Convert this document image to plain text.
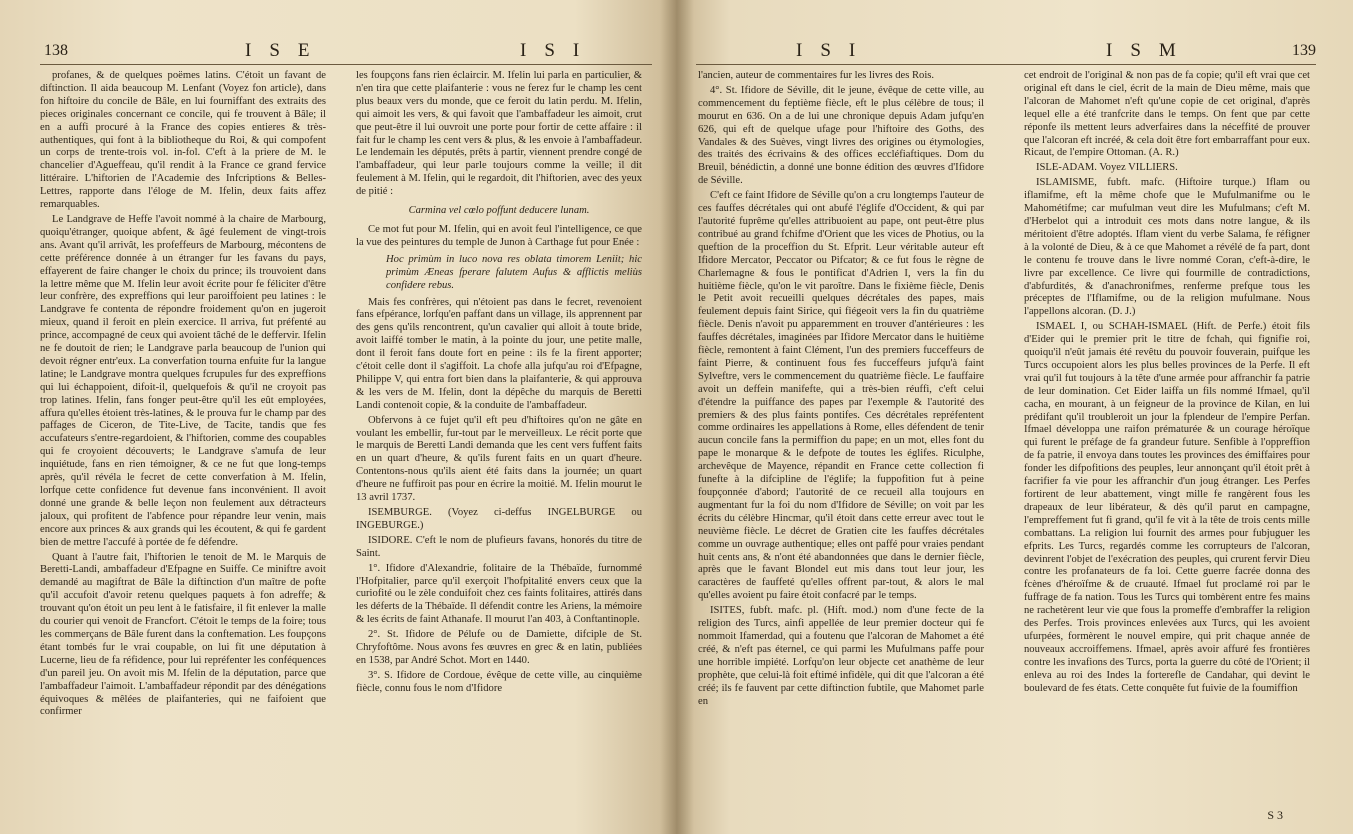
138	ISE	ISI

profanes, & de quelques poëmes latins. C'étoit un favant de diftinction. Il aida beaucoup M. Lenfant (Voyez fon article), dans fon hiftoire du concile de Bâle, en lui fourniffant des extraits des pieces originales concernant ce concile, qui fe trouvent à Bâle; il en a auffi procuré à la France des copies entieres & très-authentiques, qui font à la bibliotheque du Roi, & qui compofent un corps de trente-trois vol. in-fol. C'eft à la priere de M. le chancelier d'Agueffeau, qu'il rendit à la France ce grand fervice littéraire. L'hiftorien de l'Academie des Infcriptions & Belles-Lettres, rapporte dans l'éloge de M. Ifelin, deux faits affez remarquables.

Le Landgrave de Heffe l'avoit nommé à la chaire de Marbourg, quoiqu'étranger, quoique abfent, & âgé feulement de vingt-trois ans. Avant qu'il arrivât, les profeffeurs de Marbourg, mécontens de cette préférence donnée à un étranger fur les favans du pays, effayerent de faire changer le choix du prince; ils trouvoient dans la lettre même que M. Ifelin leur avoit écrite pour fe féliciter d'être leur confrère, des expreffions qui leur paroiffoient peu latines : le Landgrave fe contenta de répondre froidement qu'on en jugeroit mieux, quand il feroit en plein exercice. Il arriva, fut préfenté au prince, accompagné de ceux qui avoient tâché de le deffervir. Ifelin ne fe doutoit de rien; le Landgrave parla beaucoup de l'union qui devoit régner entr'eux. La converfation tourna enfuite fur la langue latine; le Landgrave montra quelques fcrupules fur des expreffions qui lui échappoient, difoit-il, quelquefois & qu'il ne croyoit pas trop latines. Ifelin, fans fonger peut-être qu'il les eût employées, affura qu'elles étoient très-latines, & le prouva fur le champ par des paffages de Ciceron, de Tite-Live, de Tacite, tandis que fes accufateurs s'entre-regardoient, & l'hiftorien, comme des coupables qui fe croyoient découverts; le Landgrave s'amufa de leur inquiétude, fans en rien témoigner, & ce ne fut que long-temps après, qu'il révéla le fecret de cette converfation à M. Ifelin, lorfque cette confidence fut devenue fans inconvénient. Il avoit donné une grande & belle leçon non feulement aux détracteurs jaloux, qui profitent de l'abfence pour répandre leur venin, mais encore aux princes & aux grands qui les écoutent, & qui fe gardent bien de mettre l'accufé à portée de fe défendre.

Quant à l'autre fait, l'hiftorien le tenoit de M. le Marquis de Beretti-Landi, ambaffadeur d'Efpagne en Suiffe. Ce miniftre avoit demandé au magiftrat de Bâle la diftinction d'un maître de pofte qu'il accufoit d'avoir retenu quelques paquets à fon adreffe; & trouvant qu'on étoit un peu lent à le fatisfaire, il fit enlever la malle du courier qui venoit de Francfort. C'étoit le temps de la foire; tous les commerçans de Bâle furent dans la conftemation. Les foupçons étant tombés fur le vrai coupable, on lui fit une députation à Lucerne, lieu de fa réfidence, pour lui repréfenter les conféquences d'un pareil jeu. On avoit mis M. Ifelin de la députation, parce que l'ambaffadeur l'aimoit. L'ambaffadeur répondit par des dénégations équivoques & mêlées de plaifanteries, qui ne faifoient que confirmer

les foupçons fans rien éclaircir. M. Ifelin lui parla en particulier, & n'en tira que cette plaifanterie : vous ne ferez fur le champ les cent plus beaux vers du monde, que ce feroit du latin perdu. M. Ifelin, qui aimoit les vers, & qui favoit que l'ambaffadeur les aimoit, crut que peut-être il lui ouvroit une porte pour fortir de cette affaire : il fait fur le champ les cent vers & plus, & les envoie à l'ambaffadeur. Le lendemain les députés, prêts à partir, viennent prendre congé de l'ambaffadeur, qui leur parle toujours comme la veille; il dit feulement à M. Ifelin, qui le regardoit, dit l'hiftorien, avec des yeux de pitié :

Carmina vel cœlo poffunt deducere lunam.

Ce mot fut pour M. Ifelin, qui en avoit feul l'intelligence, ce que la vue des peintures du temple de Junon à Carthage fut pour Enée :

Hoc primùm in luco nova res oblata timorem Leniit; hic primùm Æneas fperare falutem Aufus & afflictis meliùs confidere rebus.

Mais fes confrères, qui n'étoient pas dans le fecret, revenoient fans efpérance, lorfqu'en paffant dans un village, ils apprennent par des gens qu'ils rencontrent, qu'un cavalier qui alloit à toute bride, avoit laiffé tomber le matin, à la pointe du jour, une petite malle, dont il feroit fans doute fort en peine : ils fe la firent apporter; c'étoit celle dont il s'agiffoit. La chofe alla jufqu'au roi d'Efpagne, Philippe V, qui entra fort bien dans la plaifanterie, & qui approuva & les vers de M. Ifelin, dont la dépêche du marquis de Beretti Landi contenoit copie, & la conduite de l'ambaffadeur.

Obfervons à ce fujet qu'il eft peu d'hiftoires qu'on ne gâte en voulant les embellir, fur-tout par le merveilleux. Le récit porte que le marquis de Beretti Landi demanda que les cent vers fuffent faits en un quart d'heure, & qu'ils furent faits en un quart d'heure. Contentons-nous qu'ils aient été faits dans la journée; un quart d'heure ne fuffiroit pas pour en écrire la moitié. M. Ifelin mourut le 13 avril 1737.

ISEMBURGE. (Voyez ci-deffus INGELBURGE ou INGEBURGE.)

ISIDORE. C'eft le nom de plufieurs favans, honorés du titre de Saint.

1°. Ifidore d'Alexandrie, folitaire de la Thébaïde, furnommé l'Hofpitalier, parce qu'il exerçoit l'hofpitalité envers ceux que la curiofité ou le zèle conduifoit chez ces faints folitaires, attirés dans les déferts de la Thébaïde. Il défendit contre les Ariens, la mémoire & les écrits de faint Athanafe. Il mourut l'an 403, à Conftantinople.

2°. St. Ifidore de Pélufe ou de Damiette, difciple de St. Chryfoftôme. Nous avons fes œuvres en grec & en latin, publiées en 1538, par André Schot. Mort en 1440.

3°. S. Ifidore de Cordoue, évêque de cette ville, au cinquième fiècle, connu fous le nom d'Ifidore

ISI	ISM	139

l'ancien, auteur de commentaires fur les livres des Rois.

4°. St. Ifidore de Séville, dit le jeune, évêque de cette ville, au commencement du feptième fiècle, eft le plus célèbre de tous; il mourut en 636. On a de lui une chronique depuis Adam jufqu'en 626, qui eft de quelque ufage pour l'hiftoire des Goths, des Vandales & des Suèves, vingt livres des origines ou étymologies, des traités des écrivains & des offices eccléfiaftiques. Dom du Breuil, bénédictin, a donné une bonne édition des œuvres d'Ifidore de Séville.

C'eft ce faint Ifidore de Séville qu'on a cru longtemps l'auteur de ces fauffes décrétales qui ont abufé l'églife d'Occident, & qui par l'autorité fuprême qu'elles attribuoient au pape, ont peut-être plus contribué au grand fchifme d'Orient que les vices de Photius, ou la queftion de la proceffion du St. Efprit. Leur véritable auteur eft Ifidore Mercator, Peccator ou Pifcator; & ce fut fous le règne de Charlemagne & fous le pontificat d'Adrien I, vers la fin du huitième fiècle, qu'on le vit paroître. Dans le fixième fiècle, Denis le Petit avoit recueilli quelques décrétales des papes, mais feulement depuis faint Sirice, qui fiégeoit vers la fin du quatrième fiècle. Denis n'avoit pu apparemment en trouver d'antérieures : les fauffes décrétales, imaginées par Ifidore Mercator dans le huitième fiècle, remontent à faint Clément, l'un des premiers fucceffeurs de faint Pierre, & continuent fous fes fucceffeurs jufqu'à faint Sylveftre, vers le commencement du quatrième fiècle. Le fauffaire avoit un deffein manifefte, qui a très-bien réuffi, c'eft celui d'étendre la puiffance des papes par l'exemple & l'autorité des premiers & des plus faints pontifes. Ces décrétales repréfentent comme ordinaires les appellations à Rome, elles défendent de tenir aucun concile fans la permiffion du pape; en un mot, elles font du pape le monarque & le defpote de toutes les églifes. Riculphe, archevêque de Mayence, répandit en France cette collection fi funefte à la difcipline de l'églife; la fuppofition fut à peine foupçonnée d'abord; l'autorité de ce recueil alla toujours en augmentant fur la foi du nom d'Ifidore de Séville; on voit par les écrits du célèbre Hincmar, qu'il étoit dans cette erreur avec tout le neuvième fiècle. Le décret de Gratien cite les fauffes décrétales comme un ouvrage authentique; elles ont paffé pour vraies pendant huit cents ans, & n'ont été abandonnées que dans le dernier fiècle, après que le favant Blondel eut mis dans tout leur jour, les caractères de fauffeté qu'elles offrent par-tout, & alors le mal qu'elles avoient pu faire étoit confacré par le temps.

ISITES, fubft. mafc. pl. (Hift. mod.) nom d'une fecte de la religion des Turcs, ainfi appellée de leur premier docteur qui fe nommoit Ifamerdad, qui a foutenu que l'alcoran de Mahomet a été créé, & n'eft pas éternel, ce qui parmi les Mufulmans paffe pour une horrible impiété. Lorfqu'on leur objecte cet anathème de leur prophète, que celui-là foit eftimé infidèle, qui dit que l'alcoran a été créé; ils fe fauvent par cette diftinction fubtile, que Mahomet parle en

cet endroit de l'original & non pas de fa copie; qu'il eft vrai que cet original eft dans le ciel, écrit de la main de Dieu même, mais que l'alcoran de Mahomet n'eft qu'une copie de cet original, d'après lequel elle a été tranfcrite dans le temps. On fent que par cette réponfe ils mettent leurs adverfaires dans la néceffité de prouver que l'alcoran eft incréé, & cela doit être fort embarraffant pour eux. Ricaut, de l'empire Ottoman. (A. R.)

ISLE-ADAM. Voyez VILLIERS.

ISLAMISME, fubft. mafc. (Hiftoire turque.) Iflam ou iflamifme, eft la même chofe que le Mufulmanifme ou le Mahométifme; car mufulman veut dire les Mufulmans; c'eft M. d'Herbelot qui a introduit ces mots dans notre langue, & ils méritoient d'être adoptés. Iflam vient du verbe Salama, fe réfigner à la volonté de Dieu, & à ce que Mahomet a révélé de fa part, dont le contenu fe trouve dans le livre nommé Coran, c'eft-à-dire, le livre par excellence. Ce livre qui fourmille de contradictions, d'abfurdités, & d'anachronifmes, renferme prefque tous les préceptes de l'Iflamifme, ou de la religion mufulmane. Nous l'appellons alcoran. (D. J.)

ISMAEL I, ou SCHAH-ISMAEL (Hift. de Perfe.) étoit fils d'Eider qui le premier prit le titre de fchah, qui fignifie roi, quoiqu'il n'eût jamais été revêtu du pouvoir fouverain, puifque les Turcs occupoient alors les plus belles provinces de la Perfe. Il eft vrai qu'il fut toujours à la tête d'une armée pour affranchir fa patrie de leur domination. Cet Eider laiffa un fils nommé Ifmael, qu'il cacha, en mourant, à un feigneur de la province de Kilan, en lui prédifant qu'il troubleroit un jour la fplendeur de l'empire Perfan. Ifmael développa une raifon prématurée & un courage héroïque qui furent le préfage de fa grandeur future. Senfible à l'oppreffion de fa patrie, il envoya dans toutes les provinces des émiffaires pour fonder les difpofitions des peuples, leur annonçant qu'il étoit prêt à facrifier fa vie pour les affranchir d'un joug étranger. Les Perfes fortirent de leur abattement, vingt mille fe rangèrent fous les drapeaux de leur libérateur, & dès qu'il parut en campagne, l'empreffement fut fi grand, qu'il fe vit à la tête de trois cents mille combattans. La religion lui fournit des armes pour fubjuguer les efprits. Les Turcs, regardés comme les corrupteurs de l'alcoran, devinrent l'objet de l'exécration des peuples, qui crurent fervir Dieu contre les profanateurs de fa loi. Cette guerre facrée donna des fcènes d'héroïfme & de cruauté. Ifmael fut proclamé roi par le fuffrage de fa nation. Tous les Turcs qui tombèrent entre fes mains ne rachetèrent leur vie que fous la promeffe d'embraffer la religion des Perfes. Trois provinces enlevées aux Turcs, qui les avoient ufurpées, formèrent le nouvel empire, qui prit chaque année de nouveaux accroiffemens. Ifmael, après avoir affuré fes frontières contre les invafions des Turcs, porta la guerre du côté de l'Orient; il enleva au roi des Indes la forterefle de Candahar, qui devint le boulevard de fes états. Cette conquête fut fuivie de la foumiffion

S 3
